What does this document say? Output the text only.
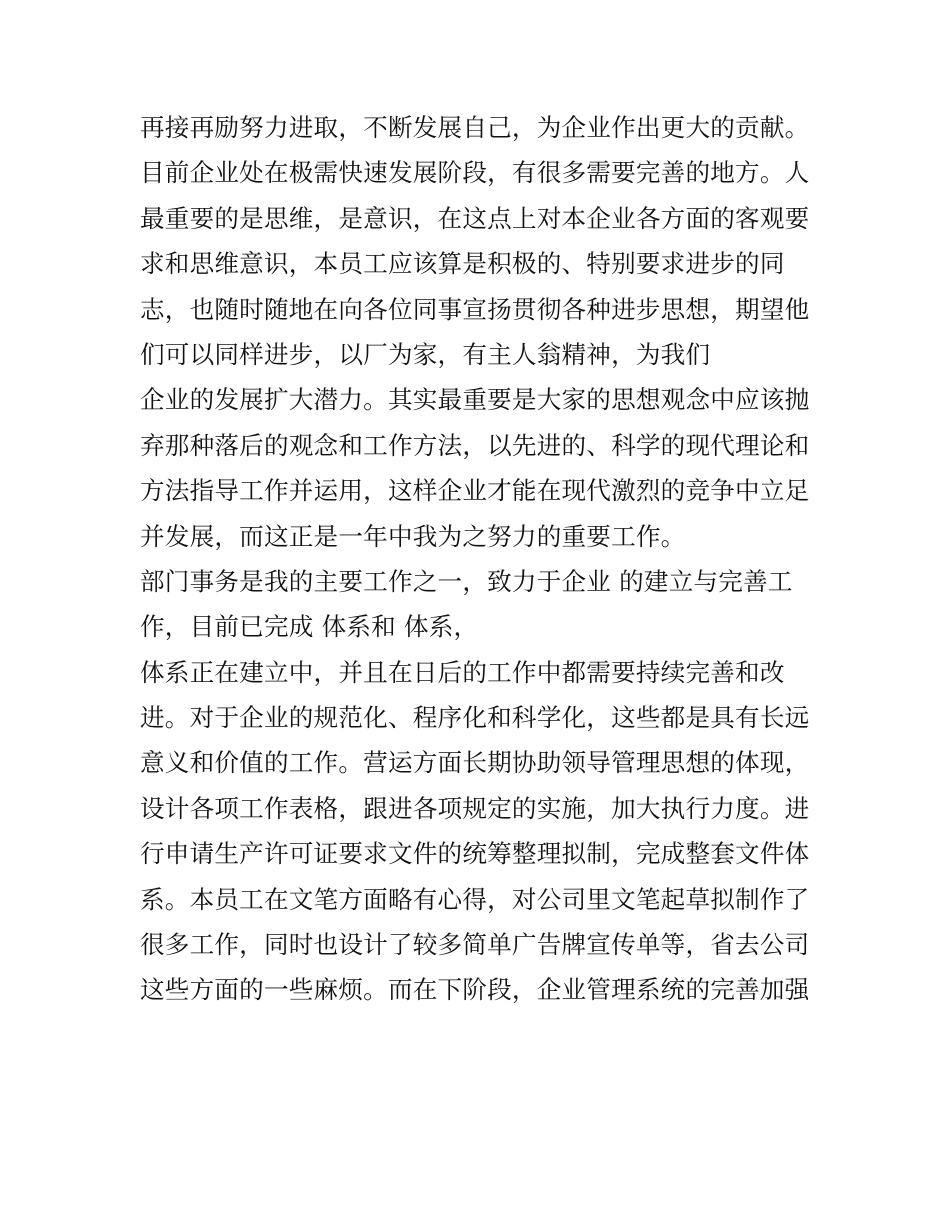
再接再励努力进取，不断发展自己，为企业作出更大的贡献。
目前企业处在极需快速发展阶段，有很多需要完善的地方。人
最重要的是思维，是意识，在这点上对本企业各方面的客观要
求和思维意识，本员工应该算是积极的、特别要求进步的同
志，也随时随地在向各位同事宣扬贯彻各种进步思想，期望他
们可以同样进步，以厂为家，有主人翁精神，为我们
企业的发展扩大潜力。其实最重要是大家的思想观念中应该抛
弃那种落后的观念和工作方法，以先进的、科学的现代理论和
方法指导工作并运用，这样企业才能在现代激烈的竞争中立足
并发展，而这正是一年中我为之努力的重要工作。
部门事务是我的主要工作之一，致力于企业 的建立与完善工
作，目前已完成 体系和 体系，
体系正在建立中，并且在日后的工作中都需要持续完善和改
进。对于企业的规范化、程序化和科学化，这些都是具有长远
意义和价值的工作。营运方面长期协助领导管理思想的体现，
设计各项工作表格，跟进各项规定的实施，加大执行力度。进
行申请生产许可证要求文件的统筹整理拟制，完成整套文件体
系。本员工在文笔方面略有心得，对公司里文笔起草拟制作了
很多工作，同时也设计了较多简单广告牌宣传单等，省去公司
这些方面的一些麻烦。而在下阶段，企业管理系统的完善加强
